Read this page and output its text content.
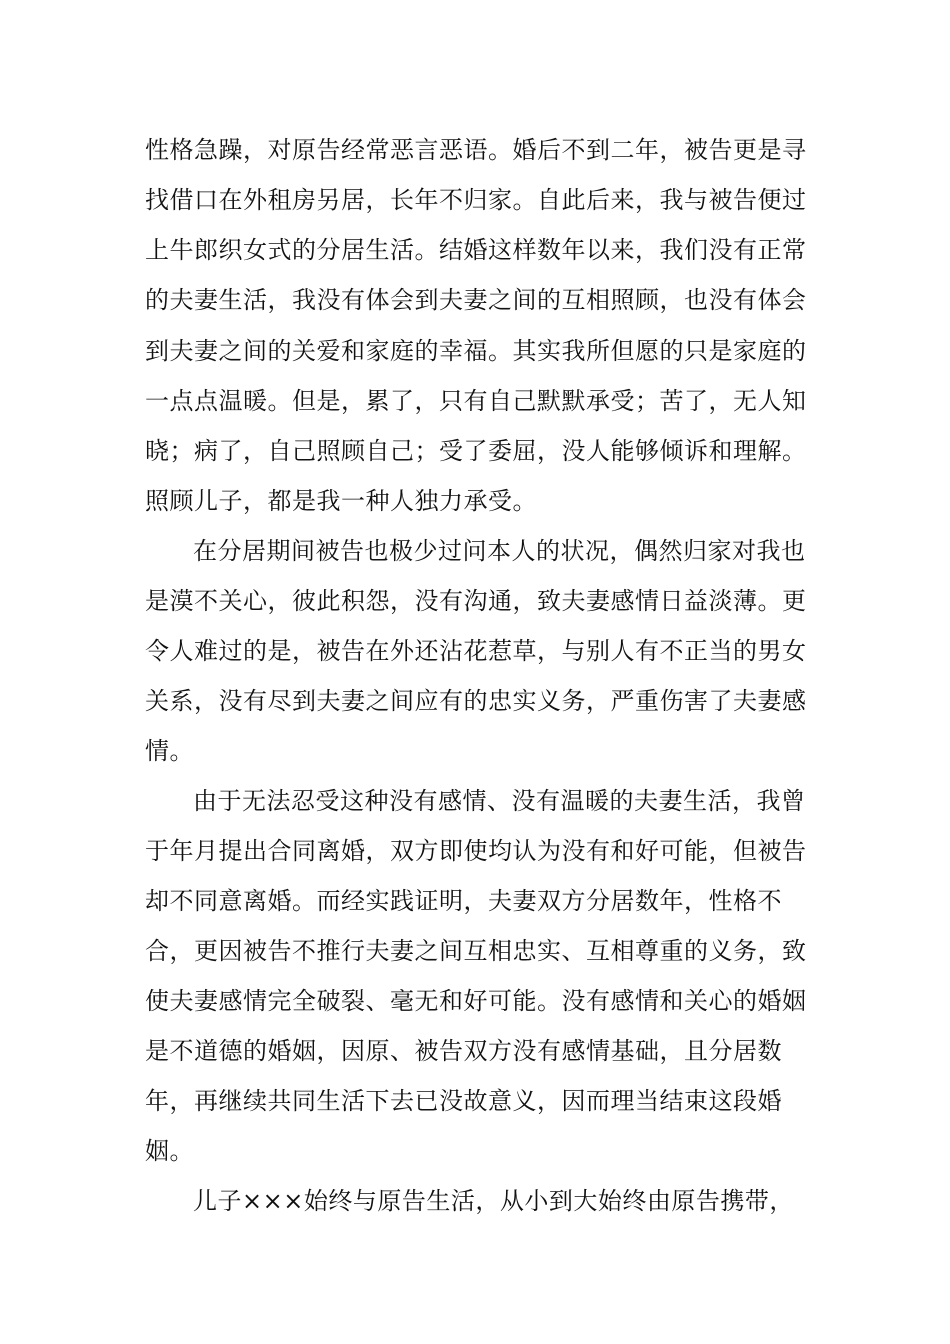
性格急躁，对原告经常恶言恶语。婚后不到二年，被告更是寻

找借口在外租房另居，长年不归家。自此后来，我与被告便过

上牛郎织女式的分居生活。结婚这样数年以来，我们没有正常

的夫妻生活，我没有体会到夫妻之间的互相照顾，也没有体会

到夫妻之间的关爱和家庭的幸福。其实我所但愿的只是家庭的

一点点温暖。但是，累了，只有自己默默承受；苦了，无人知

晓；病了，自己照顾自己；受了委屈，没人能够倾诉和理解。

照顾儿子，都是我一种人独力承受。

在分居期间被告也极少过问本人的状况，偶然归家对我也

是漠不关心，彼此积怨，没有沟通，致夫妻感情日益淡薄。更

令人难过的是，被告在外还沾花惹草，与别人有不正当的男女

关系，没有尽到夫妻之间应有的忠实义务，严重伤害了夫妻感

情。

由于无法忍受这种没有感情、没有温暖的夫妻生活，我曾

于年月提出合同离婚，双方即使均认为没有和好可能，但被告

却不同意离婚。而经实践证明，夫妻双方分居数年，性格不

合，更因被告不推行夫妻之间互相忠实、互相尊重的义务，致

使夫妻感情完全破裂、毫无和好可能。没有感情和关心的婚姻

是不道德的婚姻，因原、被告双方没有感情基础，且分居数

年，再继续共同生活下去已没故意义，因而理当结束这段婚

姻。

儿子×××始终与原告生活，从小到大始终由原告携带，
